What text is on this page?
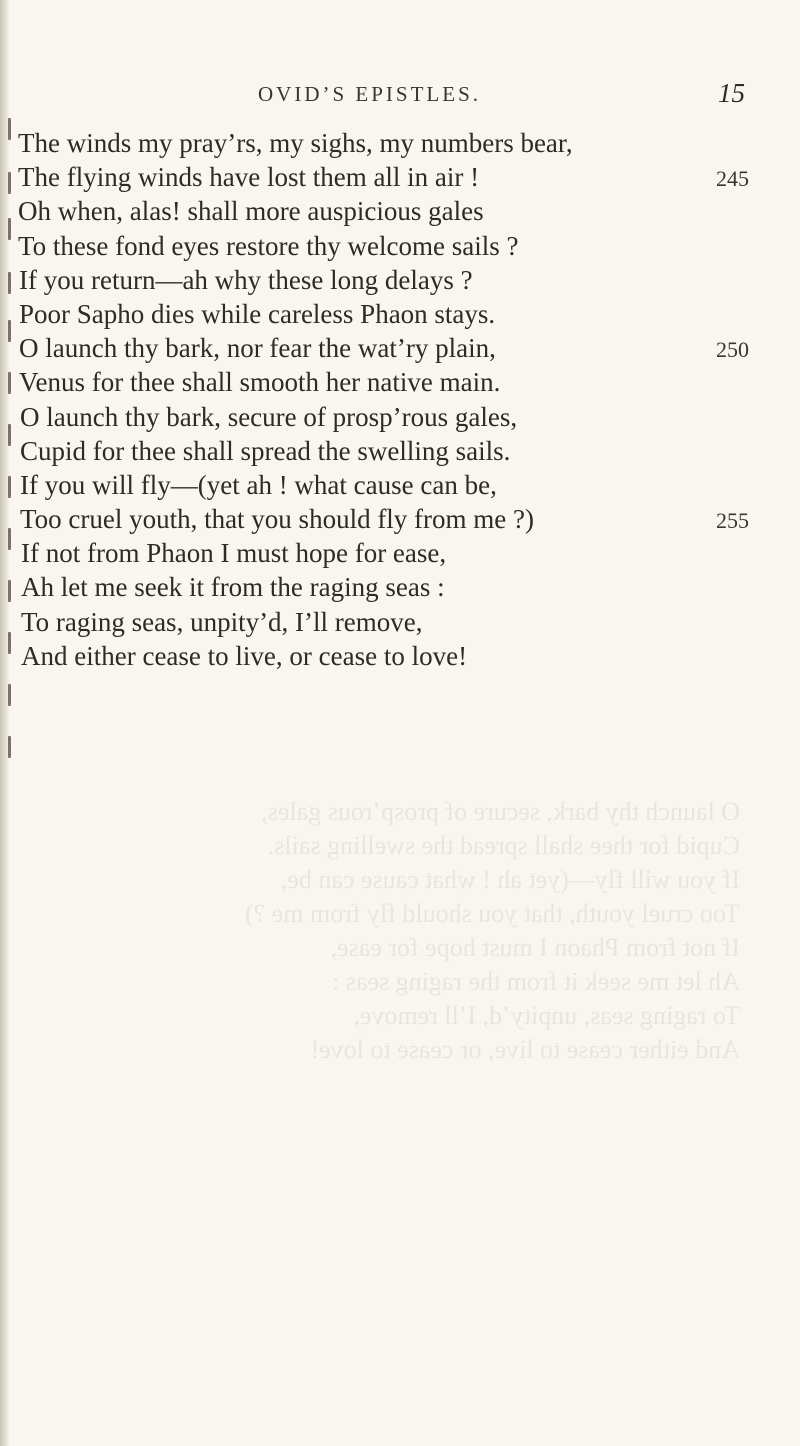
OVID’S EPISTLES.	15
The winds my pray’rs, my sighs, my numbers bear,
The flying winds have lost them all in air !	245
Oh when, alas! shall more auspicious gales
To these fond eyes restore thy welcome sails ?
If you return—ah why these long delays ?
Poor Sapho dies while careless Phaon stays.
O launch thy bark, nor fear the wat’ry plain,	250
Venus for thee shall smooth her native main.
O launch thy bark, secure of prosp’rous gales,
Cupid for thee shall spread the swelling sails.
If you will fly—(yet ah ! what cause can be,
Too cruel youth, that you should fly from me ?)	255
If not from Phaon I must hope for ease,
Ah let me seek it from the raging seas :
To raging seas, unpity’d, I’ll remove,
And either cease to live, or cease to love!
O launch thy bark, secure of prosp’rous gales,
Cupid for thee shall spread the swelling sails.
If you will fly—(yet ah ! what cause can be,
Too cruel youth, that you should fly from me ?)
If not from Phaon I must hope for ease,
Ah let me seek it from the raging seas :
To raging seas, unpity’d, I’ll remove,
And either cease to live, or cease to love!
